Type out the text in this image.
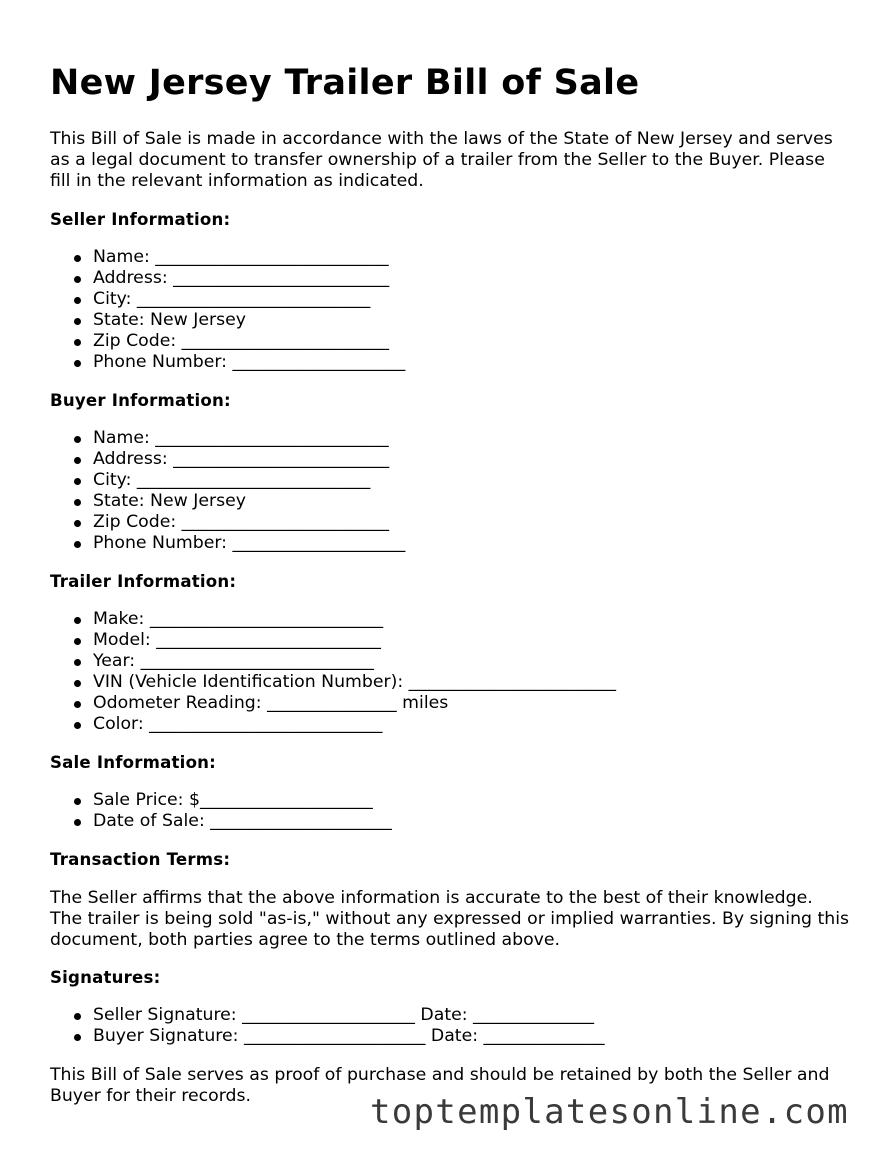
New Jersey Trailer Bill of Sale

This Bill of Sale is made in accordance with the laws of the State of New Jersey and serves as a legal document to transfer ownership of a trailer from the Seller to the Buyer. Please fill in the relevant information as indicated.

Seller Information:
Name: ___________________________
Address: _________________________
City: ___________________________
State: New Jersey
Zip Code: ________________________
Phone Number: ____________________
Buyer Information:
Name: ___________________________
Address: _________________________
City: ___________________________
State: New Jersey
Zip Code: ________________________
Phone Number: ____________________
Trailer Information:
Make: ___________________________
Model: __________________________
Year: ___________________________
VIN (Vehicle Identification Number): ________________________
Odometer Reading: _______________ miles
Color: ___________________________
Sale Information:
Sale Price: $____________________
Date of Sale: _____________________
Transaction Terms:

The Seller affirms that the above information is accurate to the best of their knowledge. The trailer is being sold "as-is," without any expressed or implied warranties. By signing this document, both parties agree to the terms outlined above.

Signatures:
Seller Signature: ____________________ Date: ______________
Buyer Signature: _____________________ Date: ______________

This Bill of Sale serves as proof of purchase and should be retained by both the Seller and Buyer for their records.	toptemplatesonline.com
